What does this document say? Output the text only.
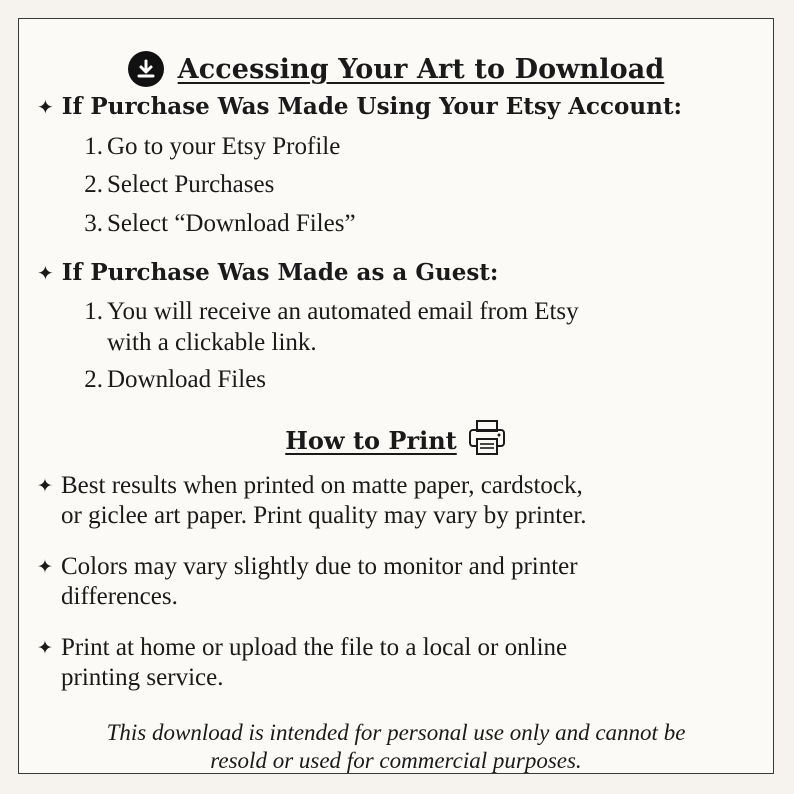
Accessing Your Art to Download
✦ If Purchase Was Made Using Your Etsy Account:
1. Go to your Etsy Profile
2. Select Purchases
3. Select “Download Files”
✦ If Purchase Was Made as a Guest:
1. You will receive an automated email from Etsy
with a clickable link.
2. Download Files
How to Print
✦ Best results when printed on matte paper, cardstock,
or giclee art paper. Print quality may vary by printer.
✦ Colors may vary slightly due to monitor and printer
differences.
✦ Print at home or upload the file to a local or online
printing service.
This download is intended for personal use only and cannot be
resold or used for commercial purposes.
